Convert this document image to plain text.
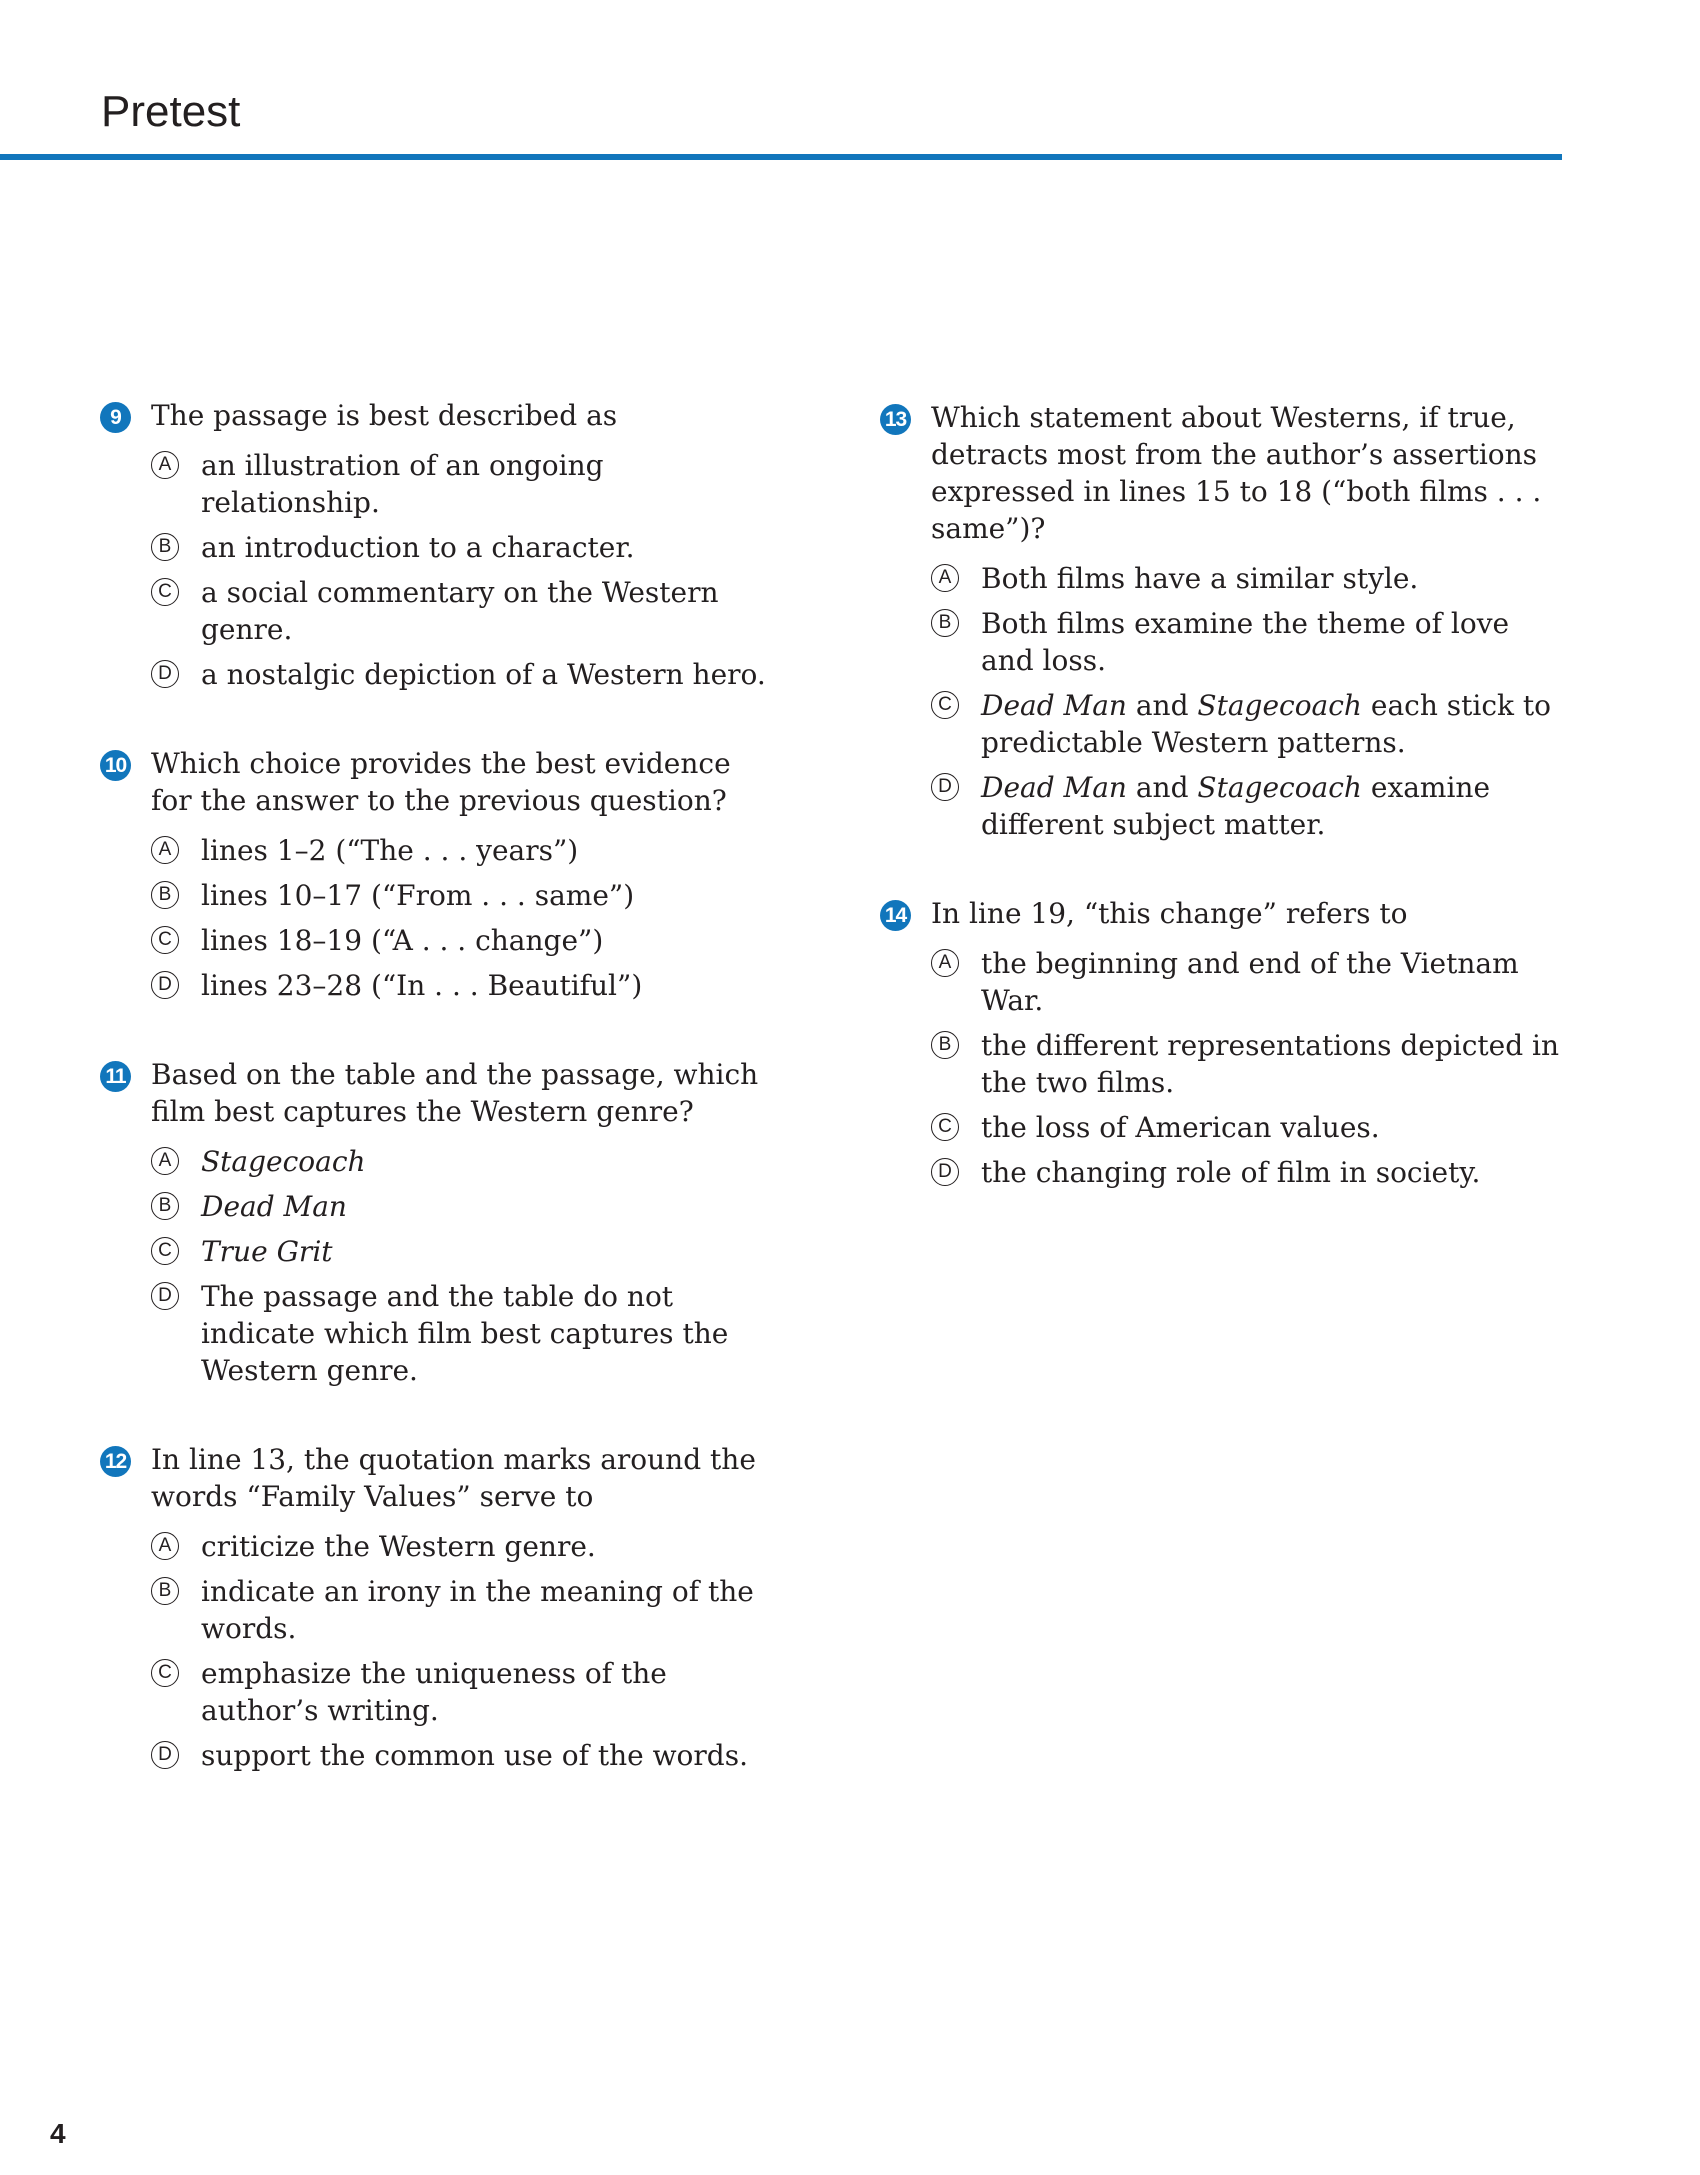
Pretest
9	The passage is best described as

A an illustration of an ongoing relationship.
B an introduction to a character.
C a social commentary on the Western genre.
D a nostalgic depiction of a Western hero.
10 Which choice provides the best evidence for the answer to the previous question?

A lines 1–2 (“The . . . years”)
B lines 10–17 (“From . . . same”)
C lines 18–19 (“A . . . change”)
D lines 23–28 (“In . . . Beautiful”)
11 Based on the table and the passage, which film best captures the Western genre?

A Stagecoach
B Dead Man
C True Grit
D The passage and the table do not indicate which film best captures the Western genre.
12 In line 13, the quotation marks around the words “Family Values” serve to

A criticize the Western genre.
B indicate an irony in the meaning of the words.
C emphasize the uniqueness of the author’s writing.
D support the common use of the words.
13 Which statement about Westerns, if true, detracts most from the author’s assertions expressed in lines 15 to 18 (“both films . . . same”)?

A Both films have a similar style.
B Both films examine the theme of love and loss.
C Dead Man and Stagecoach each stick to predictable Western patterns.
D Dead Man and Stagecoach examine different subject matter.
14 In line 19, “this change” refers to

A the beginning and end of the Vietnam War.
B the different representations depicted in the two films.
C the loss of American values.
D the changing role of film in society.
4
